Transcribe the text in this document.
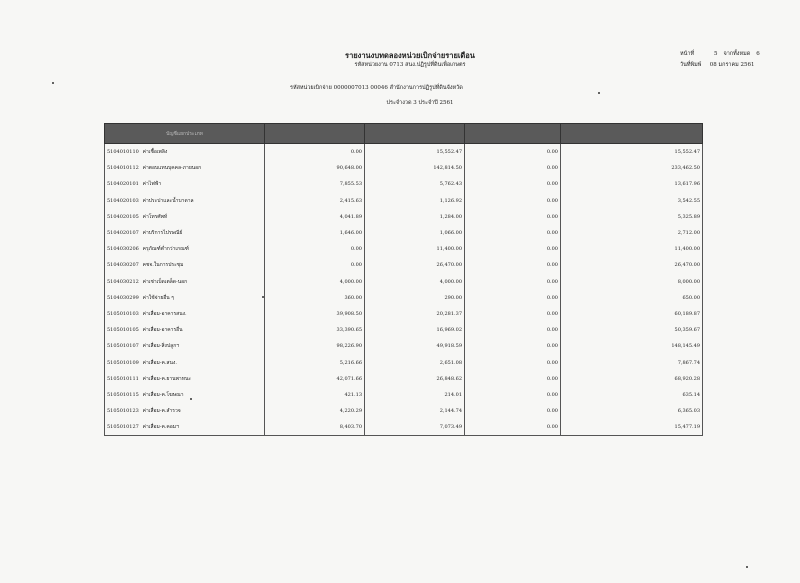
รายงานงบทดลองหน่วยเบิกจ่ายรายเดือน
รหัสหน่วยงาน 0713 สนง.ปฏิรูปที่ดินเพื่อเกษตร
รหัสหน่วยเบิกจ่าย 0000007013 00046 สำนักงานการปฏิรูปที่ดินจังหวัด
ประจำงวด 3 ประจำปี 2561
หน้าที่	5 จากทั้งหมด 6
วันที่พิมพ์ 08 มกราคม 2561
บัญชีแยกประเภท				
5104010110 ค่าเชื้อเพลิง	0.00	15,552.47	0.00	15,552.47
5104010112 ค่าตอบแทนบุคคล-ภายนอก	90,648.00	142,814.50	0.00	233,462.50
5104020101 ค่าไฟฟ้า	7,855.53	5,762.43	0.00	13,617.96
5104020103 ค่าประปาและน้ำบาดาล	2,415.63	1,126.92	0.00	3,542.55
5104020105 ค่าโทรศัพท์	4,041.89	1,284.00	0.00	5,325.89
5104020107 ค่าบริการไปรษณีย์	1,646.00	1,066.00	0.00	2,712.00
5104030206 ครุภัณฑ์ต่ำกว่าเกณฑ์	0.00	11,400.00	0.00	11,400.00
5104030207 คชจ.ในการประชุม	0.00	26,470.00	0.00	26,470.00
5104030212 ค่าเช่าเบ็ดเตล็ด-นอก	4,000.00	4,000.00	0.00	8,000.00
5104030299 ค่าใช้จ่ายอื่น ๆ	360.00	290.00	0.00	650.00
5105010103 ค่าเสื่อม-อาคารสนง.	39,908.50	20,281.37	0.00	60,189.87
5105010105 ค่าเสื่อม-อาคารอื่น	33,390.65	16,969.02	0.00	50,359.67
5105010107 ค่าเสื่อม-สิ่งปลูกฯ	98,226.90	49,918.59	0.00	148,145.49
5105010109 ค่าเสื่อม-ค.สนง.	5,216.66	2,651.08	0.00	7,867.74
5105010111 ค่าเสื่อม-ค.ยานพาหนะ	42,071.66	26,848.62	0.00	68,920.28
5105010115 ค่าเสื่อม-ค.โฆษณา	421.13	214.01	0.00	635.14
5105010123 ค่าเสื่อม-ค.สำรวจ	4,220.29	2,144.74	0.00	6,365.03
5105010127 ค่าเสื่อม-ค.คอมฯ	8,403.70	7,073.49	0.00	15,477.19
